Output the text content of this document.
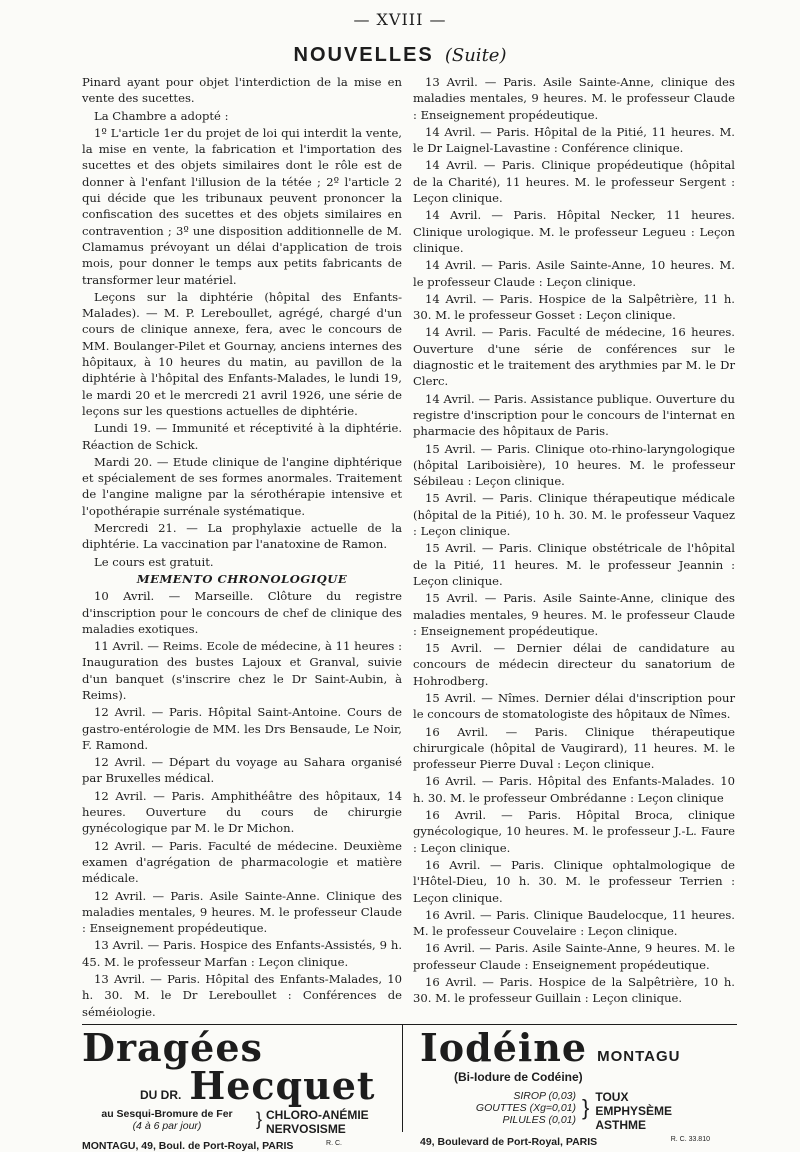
— XVIII —
NOUVELLES (Suite)

Pinard ayant pour objet l'interdiction de la mise en vente des sucettes.

La Chambre a adopté :

1º L'article 1er du projet de loi qui interdit la vente, la mise en vente, la fabrication et l'importation des sucettes et des objets similaires dont le rôle est de donner à l'enfant l'illusion de la tétée ; 2º l'article 2 qui décide que les tribunaux peuvent prononcer la confiscation des sucettes et des objets similaires en contravention ; 3º une disposition additionnelle de M. Clamamus prévoyant un délai d'application de trois mois, pour donner le temps aux petits fabricants de transformer leur matériel.

Leçons sur la diphtérie (hôpital des Enfants-Malades). — M. P. Lereboullet, agrégé, chargé d'un cours de clinique annexe, fera, avec le concours de MM. Boulanger-Pilet et Gournay, anciens internes des hôpitaux, à 10 heures du matin, au pavillon de la diphtérie à l'hôpital des Enfants-Malades, le lundi 19, le mardi 20 et le mercredi 21 avril 1926, une série de leçons sur les questions actuelles de diphtérie.

Lundi 19. — Immunité et réceptivité à la diphtérie. Réaction de Schick.

Mardi 20. — Etude clinique de l'angine diphtérique et spécialement de ses formes anormales. Traitement de l'angine maligne par la sérothérapie intensive et l'opothérapie surrénale systématique.

Mercredi 21. — La prophylaxie actuelle de la diphtérie. La vaccination par l'anatoxine de Ramon.

Le cours est gratuit.

MEMENTO CHRONOLOGIQUE

10 Avril. — Marseille. Clôture du registre d'inscription pour le concours de chef de clinique des maladies exotiques.

11 Avril. — Reims. Ecole de médecine, à 11 heures : Inauguration des bustes Lajoux et Granval, suivie d'un banquet (s'inscrire chez le Dr Saint-Aubin, à Reims).

12 Avril. — Paris. Hôpital Saint-Antoine. Cours de gastro-entérologie de MM. les Drs Bensaude, Le Noir, F. Ramond.

12 Avril. — Départ du voyage au Sahara organisé par Bruxelles médical.

12 Avril. — Paris. Amphithéâtre des hôpitaux, 14 heures. Ouverture du cours de chirurgie gynécologique par M. le Dr Michon.

12 Avril. — Paris. Faculté de médecine. Deuxième examen d'agrégation de pharmacologie et matière médicale.

12 Avril. — Paris. Asile Sainte-Anne. Clinique des maladies mentales, 9 heures. M. le professeur Claude : Enseignement propédeutique.

13 Avril. — Paris. Hospice des Enfants-Assistés, 9 h. 45. M. le professeur Marfan : Leçon clinique.

13 Avril. — Paris. Hôpital des Enfants-Malades, 10 h. 30. M. le Dr Lereboullet : Conférences de séméiologie.

13 Avril. — Paris. Asile Sainte-Anne, clinique des maladies mentales, 9 heures. M. le professeur Claude : Enseignement propédeutique.

14 Avril. — Paris. Hôpital de la Pitié, 11 heures. M. le Dr Laignel-Lavastine : Conférence clinique.

14 Avril. — Paris. Clinique propédeutique (hôpital de la Charité), 11 heures. M. le professeur Sergent : Leçon clinique.

14 Avril. — Paris. Hôpital Necker, 11 heures. Clinique urologique. M. le professeur Legueu : Leçon clinique.

14 Avril. — Paris. Asile Sainte-Anne, 10 heures. M. le professeur Claude : Leçon clinique.

14 Avril. — Paris. Hospice de la Salpêtrière, 11 h. 30. M. le professeur Gosset : Leçon clinique.

14 Avril. — Paris. Faculté de médecine, 16 heures. Ouverture d'une série de conférences sur le diagnostic et le traitement des arythmies par M. le Dr Clerc.

14 Avril. — Paris. Assistance publique. Ouverture du registre d'inscription pour le concours de l'internat en pharmacie des hôpitaux de Paris.

15 Avril. — Paris. Clinique oto-rhino-laryngologique (hôpital Lariboisière), 10 heures. M. le professeur Sébileau : Leçon clinique.

15 Avril. — Paris. Clinique thérapeutique médicale (hôpital de la Pitié), 10 h. 30. M. le professeur Vaquez : Leçon clinique.

15 Avril. — Paris. Clinique obstétricale de l'hôpital de la Pitié, 11 heures. M. le professeur Jeannin : Leçon clinique.

15 Avril. — Paris. Asile Sainte-Anne, clinique des maladies mentales, 9 heures. M. le professeur Claude : Enseignement propédeutique.

15 Avril. — Dernier délai de candidature au concours de médecin directeur du sanatorium de Hohrodberg.

15 Avril. — Nîmes. Dernier délai d'inscription pour le concours de stomatologiste des hôpitaux de Nîmes.

16 Avril. — Paris. Clinique thérapeutique chirurgicale (hôpital de Vaugirard), 11 heures. M. le professeur Pierre Duval : Leçon clinique.

16 Avril. — Paris. Hôpital des Enfants-Malades. 10 h. 30. M. le professeur Ombrédanne : Leçon clinique

16 Avril. — Paris. Hôpital Broca, clinique gynécologique, 10 heures. M. le professeur J.-L. Faure : Leçon clinique.

16 Avril. — Paris. Clinique ophtalmologique de l'Hôtel-Dieu, 10 h. 30. M. le professeur Terrien : Leçon clinique.

16 Avril. — Paris. Clinique Baudelocque, 11 heures. M. le professeur Couvelaire : Leçon clinique.

16 Avril. — Paris. Asile Sainte-Anne, 9 heures. M. le professeur Claude : Enseignement propédeutique.

16 Avril. — Paris. Hospice de la Salpêtrière, 10 h. 30. M. le professeur Guillain : Leçon clinique.

Dragées
DU DR. Hecquet
au Sesqui-Bromure de Fer
(4 à 6 par jour)	} CHLORO-ANÉMIE
NERVOSISME
MONTAGU, 49, Boul. de Port-Royal, PARIS	R. C.
Iodéine MONTAGU
(Bi-Iodure de Codéine)
SIROP (0,03)
GOUTTES (Xg=0,01)
PILULES (0,01) } TOUX
EMPHYSÈME
ASTHME
49, Boulevard de Port-Royal, PARIS	R. C. 33.810
